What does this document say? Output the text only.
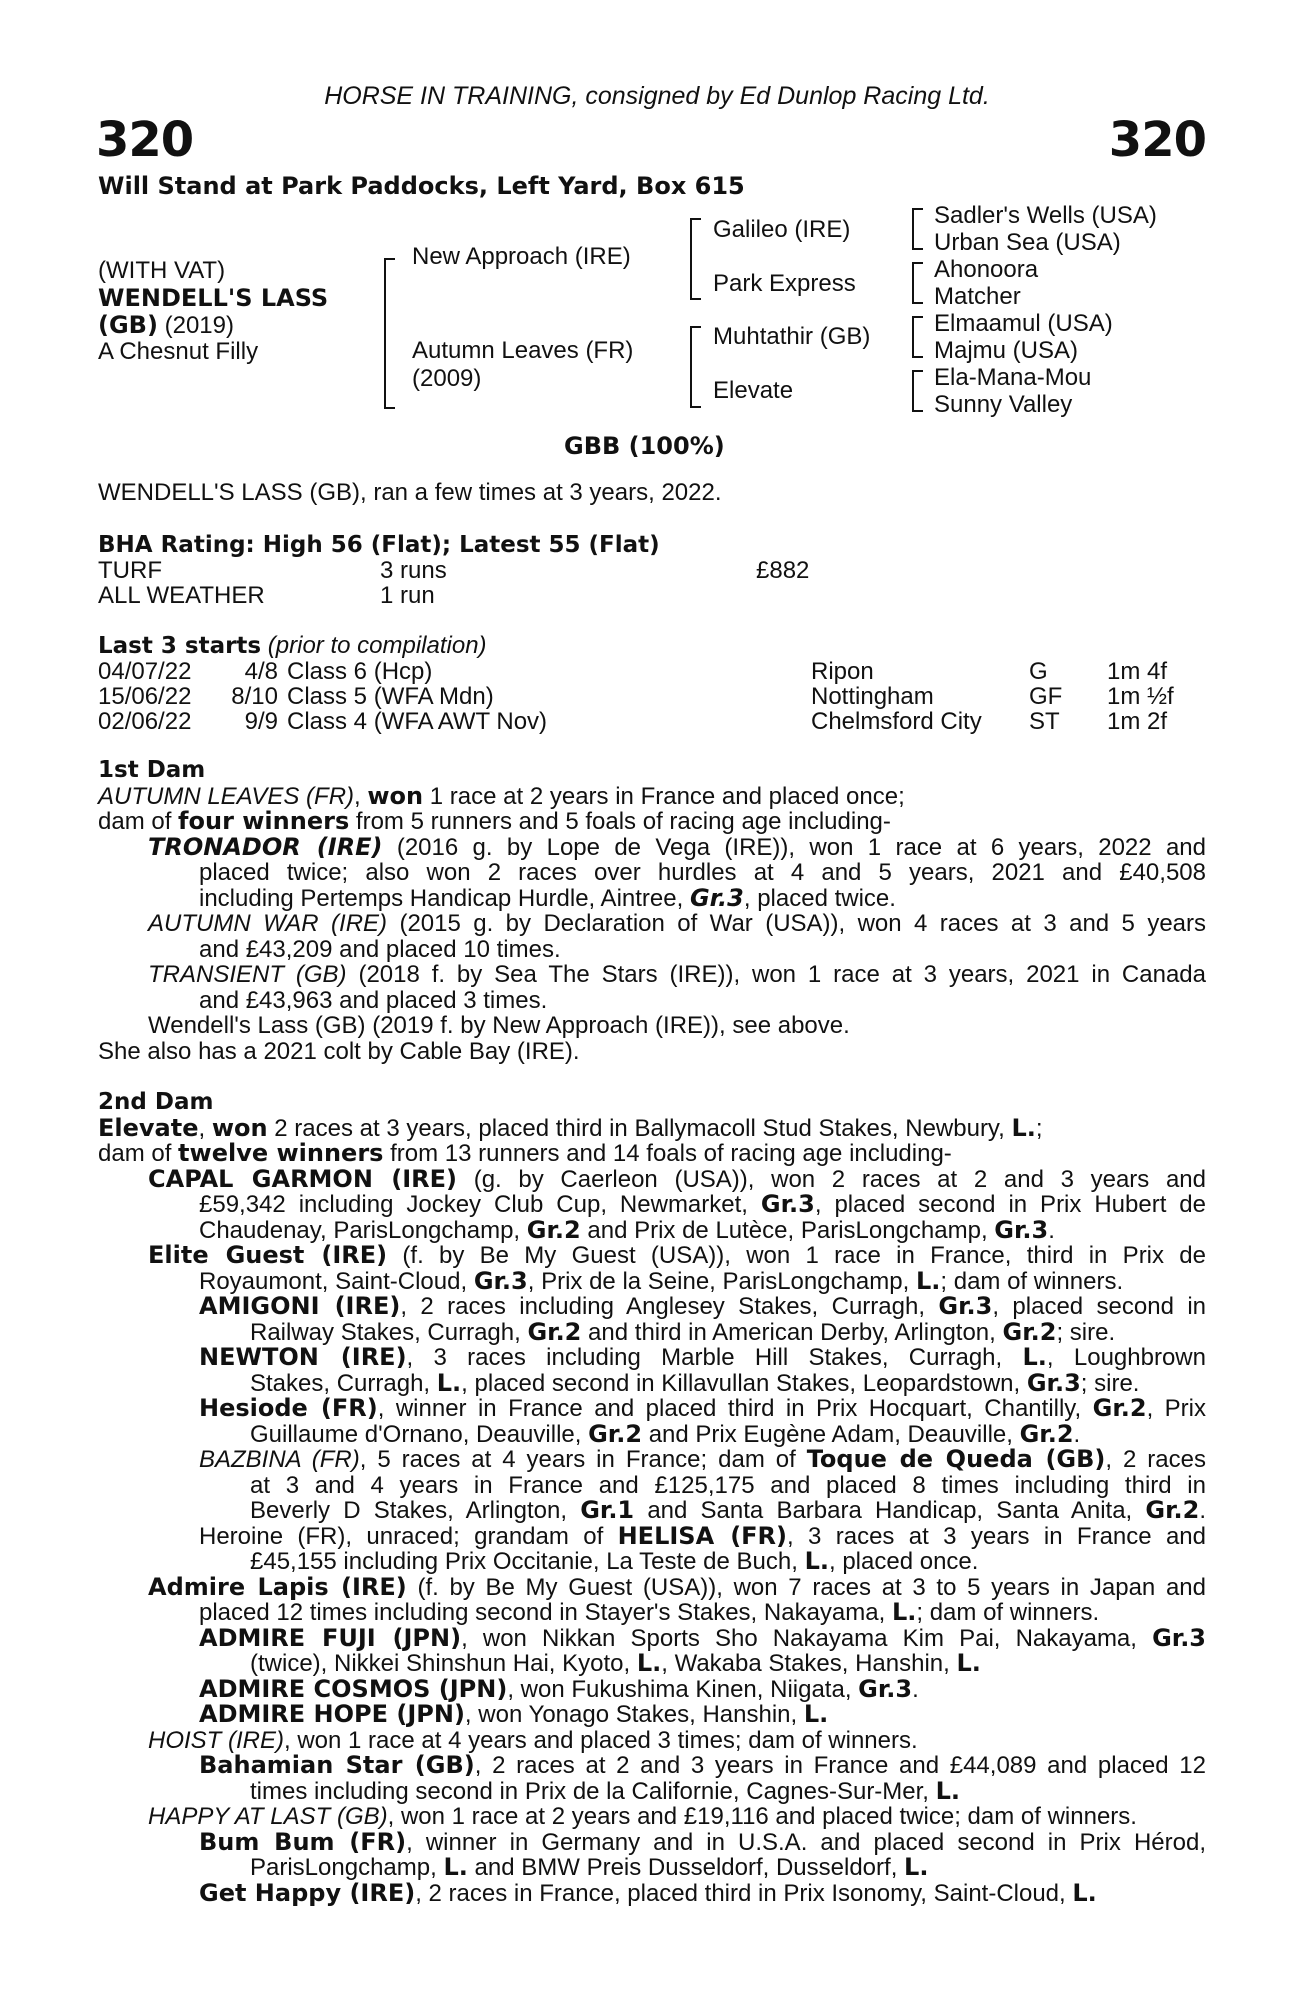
HORSE IN TRAINING, consigned by Ed Dunlop Racing Ltd.
320	320
Will Stand at Park Paddocks, Left Yard, Box 615
(WITH VAT)
WENDELL'S LASS
(GB) (2019)
A Chesnut Filly
New Approach (IRE)
Autumn Leaves (FR)
(2009)
Galileo (IRE)
Park Express
Muhtathir (GB)
Elevate
Sadler's Wells (USA)
Urban Sea (USA)
Ahonoora
Matcher
Elmaamul (USA)
Majmu (USA)
Ela-Mana-Mou
Sunny Valley
GBB (100%)
WENDELL'S LASS (GB), ran a few times at 3 years, 2022.
BHA Rating: High 56 (Flat); Latest 55 (Flat)
TURF	3 runs	£882
ALL WEATHER	1 run
Last 3 starts (prior to compilation)
04/07/22	4/8 Class 6 (Hcp)	Ripon	G 1m 4f
15/06/22	8/10 Class 5 (WFA Mdn)	Nottingham	GF 1m ½f
02/06/22	9/9 Class 4 (WFA AWT Nov)	Chelmsford City ST 1m 2f
1st Dam
AUTUMN LEAVES (FR), won 1 race at 2 years in France and placed once;
dam of four winners from 5 runners and 5 foals of racing age including-
TRONADOR (IRE) (2016 g. by Lope de Vega (IRE)), won 1 race at 6 years, 2022 and
placed twice; also won 2 races over hurdles at 4 and 5 years, 2021 and £40,508
including Pertemps Handicap Hurdle, Aintree, Gr.3, placed twice.
AUTUMN WAR (IRE) (2015 g. by Declaration of War (USA)), won 4 races at 3 and 5 years
and £43,209 and placed 10 times.
TRANSIENT (GB) (2018 f. by Sea The Stars (IRE)), won 1 race at 3 years, 2021 in Canada
and £43,963 and placed 3 times.
Wendell's Lass (GB) (2019 f. by New Approach (IRE)), see above.
She also has a 2021 colt by Cable Bay (IRE).
2nd Dam
Elevate, won 2 races at 3 years, placed third in Ballymacoll Stud Stakes, Newbury, L.;
dam of twelve winners from 13 runners and 14 foals of racing age including-
CAPAL GARMON (IRE) (g. by Caerleon (USA)), won 2 races at 2 and 3 years and
£59,342 including Jockey Club Cup, Newmarket, Gr.3, placed second in Prix Hubert de
Chaudenay, ParisLongchamp, Gr.2 and Prix de Lutèce, ParisLongchamp, Gr.3.
Elite Guest (IRE) (f. by Be My Guest (USA)), won 1 race in France, third in Prix de
Royaumont, Saint-Cloud, Gr.3, Prix de la Seine, ParisLongchamp, L.; dam of winners.
AMIGONI (IRE), 2 races including Anglesey Stakes, Curragh, Gr.3, placed second in
Railway Stakes, Curragh, Gr.2 and third in American Derby, Arlington, Gr.2; sire.
NEWTON (IRE), 3 races including Marble Hill Stakes, Curragh, L., Loughbrown
Stakes, Curragh, L., placed second in Killavullan Stakes, Leopardstown, Gr.3; sire.
Hesiode (FR), winner in France and placed third in Prix Hocquart, Chantilly, Gr.2, Prix
Guillaume d'Ornano, Deauville, Gr.2 and Prix Eugène Adam, Deauville, Gr.2.
BAZBINA (FR), 5 races at 4 years in France; dam of Toque de Queda (GB), 2 races
at 3 and 4 years in France and £125,175 and placed 8 times including third in
Beverly D Stakes, Arlington, Gr.1 and Santa Barbara Handicap, Santa Anita, Gr.2.
Heroine (FR), unraced; grandam of HELISA (FR), 3 races at 3 years in France and
£45,155 including Prix Occitanie, La Teste de Buch, L., placed once.
Admire Lapis (IRE) (f. by Be My Guest (USA)), won 7 races at 3 to 5 years in Japan and
placed 12 times including second in Stayer's Stakes, Nakayama, L.; dam of winners.
ADMIRE FUJI (JPN), won Nikkan Sports Sho Nakayama Kim Pai, Nakayama, Gr.3
(twice), Nikkei Shinshun Hai, Kyoto, L., Wakaba Stakes, Hanshin, L.
ADMIRE COSMOS (JPN), won Fukushima Kinen, Niigata, Gr.3.
ADMIRE HOPE (JPN), won Yonago Stakes, Hanshin, L.
HOIST (IRE), won 1 race at 4 years and placed 3 times; dam of winners.
Bahamian Star (GB), 2 races at 2 and 3 years in France and £44,089 and placed 12
times including second in Prix de la Californie, Cagnes-Sur-Mer, L.
HAPPY AT LAST (GB), won 1 race at 2 years and £19,116 and placed twice; dam of winners.
Bum Bum (FR), winner in Germany and in U.S.A. and placed second in Prix Hérod,
ParisLongchamp, L. and BMW Preis Dusseldorf, Dusseldorf, L.
Get Happy (IRE), 2 races in France, placed third in Prix Isonomy, Saint-Cloud, L.
